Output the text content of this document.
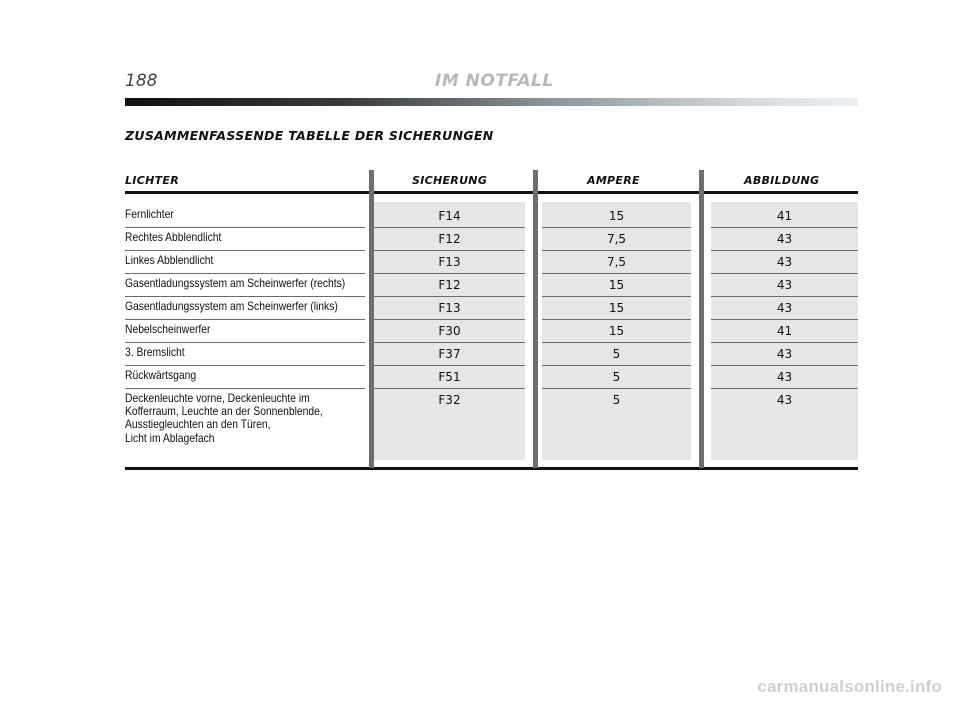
188	IM NOTFALL
ZUSAMMENFASSENDE TABELLE DER SICHERUNGEN
LICHTER	SICHERUNG	AMPERE	ABBILDUNG
Fernlichter	F14	15	41
Rechtes Abblendlicht	F12	7,5	43
Linkes Abblendlicht	F13	7,5	43
Gasentladungssystem am Scheinwerfer (rechts)	F12	15	43
Gasentladungssystem am Scheinwerfer (links)	F13	15	43
Nebelscheinwerfer	F30	15	41
3. Bremslicht	F37	5	43
Rückwärtsgang	F51	5	43
Deckenleuchte vorne, Deckenleuchte im
Kofferraum, Leuchte an der Sonnenblende,
Ausstiegleuchten an den Türen,
Licht im Ablagefach
F32	5	43
carmanualsonline.info
